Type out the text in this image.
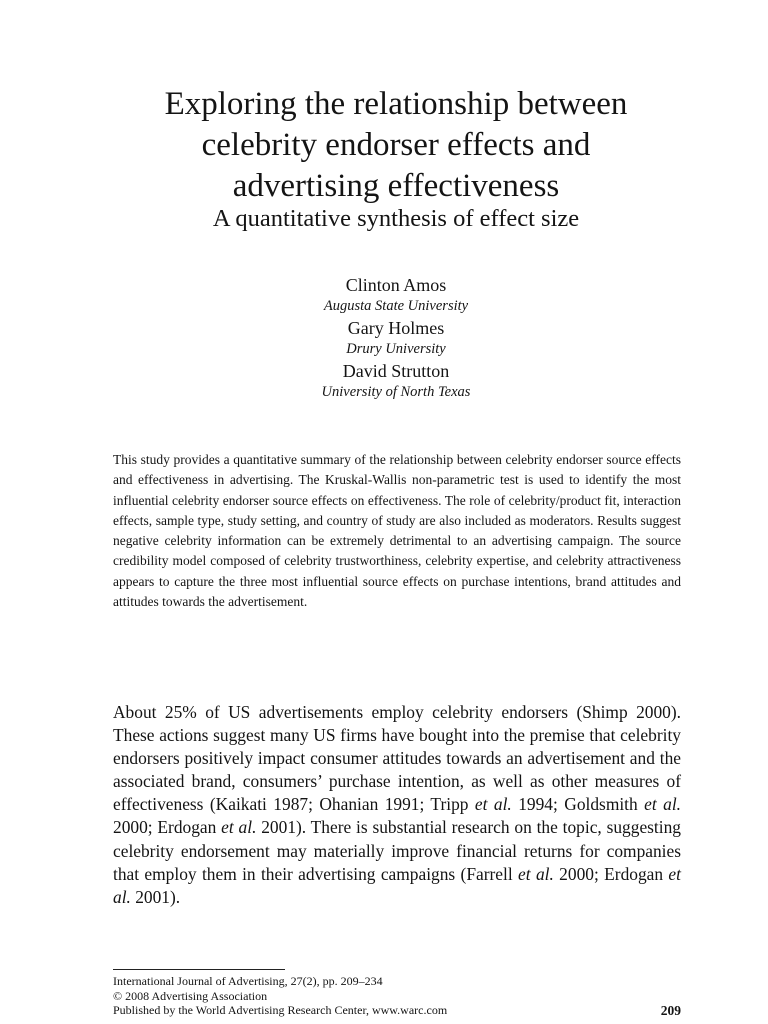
Exploring the relationship between
celebrity endorser effects and
advertising effectiveness
A quantitative synthesis of effect size
Clinton Amos
Augusta State University
Gary Holmes
Drury University
David Strutton
University of North Texas

This study provides a quantitative summary of the relationship between celebrity endorser source effects and effectiveness in advertising. The Kruskal-Wallis non-parametric test is used to identify the most influential celebrity endorser source effects on effectiveness. The role of celebrity/product fit, interaction effects, sample type, study setting, and country of study are also included as moderators. Results suggest negative celebrity information can be extremely detrimental to an advertising campaign. The source credibility model composed of celebrity trustworthiness, celebrity expertise, and celebrity attractiveness appears to capture the three most influential source effects on purchase intentions, brand attitudes and attitudes towards the advertisement.

About 25% of US advertisements employ celebrity endorsers (Shimp 2000). These actions suggest many US firms have bought into the premise that celebrity endorsers positively impact consumer attitudes towards an advertisement and the associated brand, consumers’ purchase intention, as well as other measures of effectiveness (Kaikati 1987; Ohanian 1991; Tripp et al. 1994; Goldsmith et al. 2000; Erdogan et al. 2001). There is substantial research on the topic, suggesting celebrity endorsement may materially improve financial returns for companies that employ them in their advertising campaigns (Farrell et al. 2000; Erdogan et al. 2001).

International Journal of Advertising, 27(2), pp. 209–234
© 2008 Advertising Association
Published by the World Advertising Research Center, www.warc.com	209
